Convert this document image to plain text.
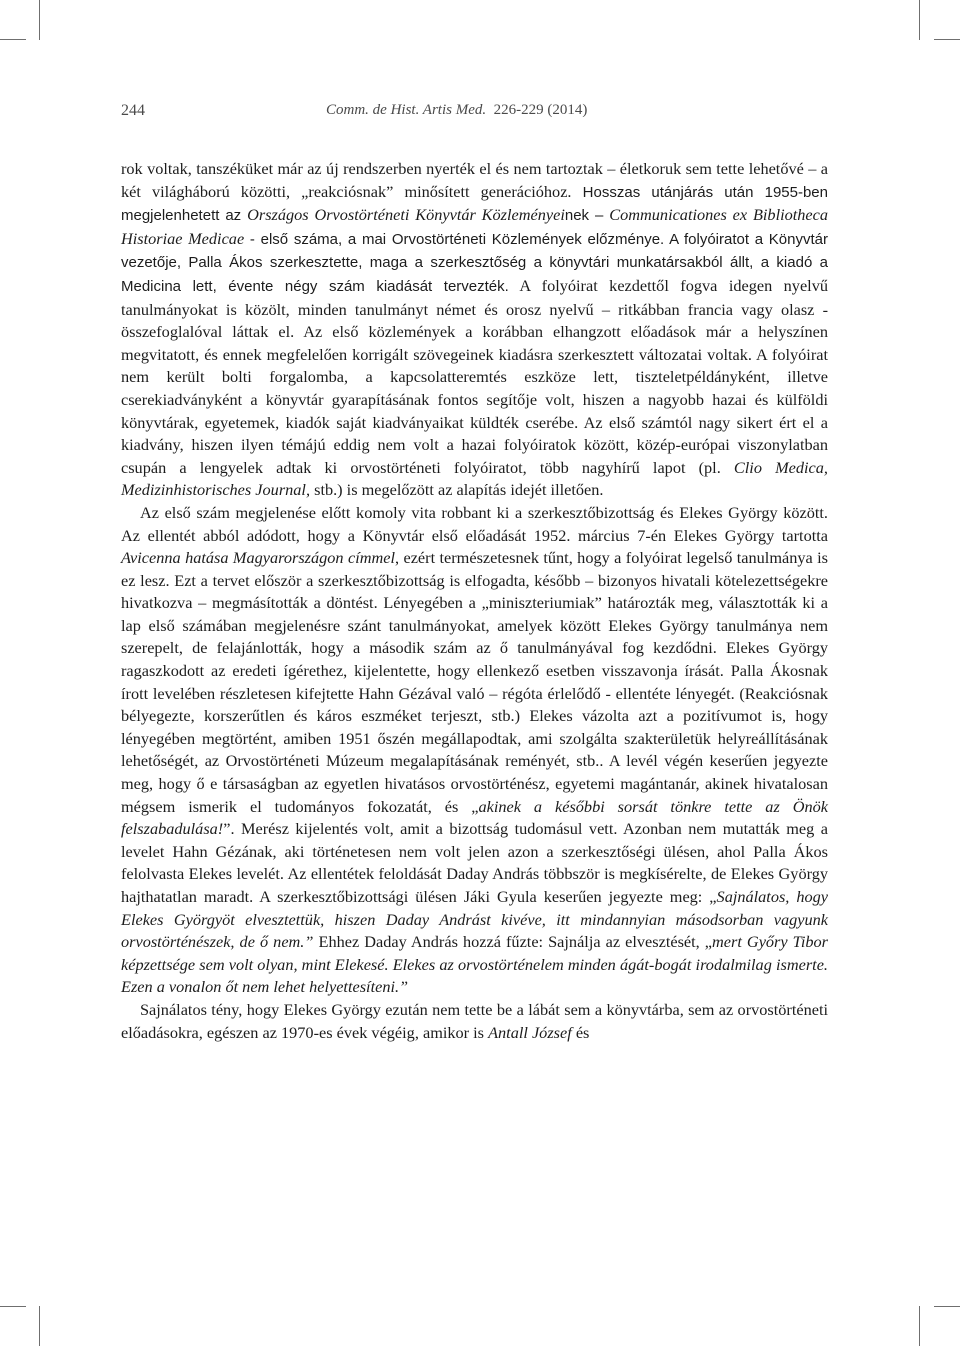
244	Comm. de Hist. Artis Med. 226-229 (2014)

rok voltak, tanszéküket már az új rendszerben nyerték el és nem tartoztak – életkoruk sem tette lehetővé – a két világháború közötti, „reakciósnak” minősített generációhoz. Hosszas utánjárás után 1955-ben megjelenhetett az Országos Orvostörténeti Könyvtár Közleményeinek – Communicationes ex Bibliotheca Historiae Medicae - első száma, a mai Orvostörténeti Közlemények előzménye. A folyóiratot a Könyvtár vezetője, Palla Ákos szerkesztette, maga a szerkesztőség a könyvtári munkatársakból állt, a kiadó a Medicina lett, évente négy szám kiadását tervezték. A folyóirat kezdettől fogva idegen nyelvű tanulmányokat is közölt, minden tanulmányt német és orosz nyelvű – ritkábban francia vagy olasz - összefoglalóval láttak el. Az első közlemények a korábban elhangzott előadások már a helyszínen megvitatott, és ennek megfelelően korrigált szövegeinek kiadásra szerkesztett változatai voltak. A folyóirat nem került bolti forgalomba, a kapcsolatteremtés eszköze lett, tiszteletpéldányként, illetve cserekiadványként a könyvtár gyarapításának fontos segítője volt, hiszen a nagyobb hazai és külföldi könyvtárak, egyetemek, kiadók saját kiadványaikat küldték cserébe. Az első számtól nagy sikert ért el a kiadvány, hiszen ilyen témájú eddig nem volt a hazai folyóiratok között, közép-európai viszonylatban csupán a lengyelek adtak ki orvostörténeti folyóiratot, több nagyhírű lapot (pl. Clio Medica, Medizinhistorisches Journal, stb.) is megelőzött az alapítás idejét illetően.

Az első szám megjelenése előtt komoly vita robbant ki a szerkesztőbizottság és Elekes György között. Az ellentét abból adódott, hogy a Könyvtár első előadását 1952. március 7-én Elekes György tartotta Avicenna hatása Magyarországon címmel, ezért természetesnek tűnt, hogy a folyóirat legelső tanulmánya is ez lesz. Ezt a tervet először a szerkesztőbizottság is elfogadta, később – bizonyos hivatali kötelezettségekre hivatkozva – megmásították a döntést. Lényegében a „miniszteriumiak” határozták meg, választották ki a lap első számában megjelenésre szánt tanulmányokat, amelyek között Elekes György tanulmánya nem szerepelt, de felajánlották, hogy a második szám az ő tanulmányával fog kezdődni. Elekes György ragaszkodott az eredeti ígérethez, kijelentette, hogy ellenkező esetben visszavonja írását. Palla Ákosnak írott levelében részletesen kifejtette Hahn Gézával való – régóta érlelődő - ellentéte lényegét. (Reakciósnak bélyegezte, korszerűtlen és káros eszméket terjeszt, stb.) Elekes vázolta azt a pozitívumot is, hogy lényegében megtörtént, amiben 1951 őszén megállapodtak, ami szolgálta szakterületük helyreállításának lehetőségét, az Orvostörténeti Múzeum megalapításának reményét, stb.. A levél végén keserűen jegyezte meg, hogy ő e társaságban az egyetlen hivatásos orvostörténész, egyetemi magántanár, akinek hivatalosan mégsem ismerik el tudományos fokozatát, és „akinek a későbbi sorsát tönkre tette az Önök felszabadulása!”. Merész kijelentés volt, amit a bizottság tudomásul vett. Azonban nem mutatták meg a levelet Hahn Gézának, aki történetesen nem volt jelen azon a szerkesztőségi ülésen, ahol Palla Ákos felolvasta Elekes levelét. Az ellentétek feloldását Daday András többször is megkísérelte, de Elekes György hajthatatlan maradt. A szerkesztőbizottsági ülésen Jáki Gyula keserűen jegyezte meg: „Sajnálatos, hogy Elekes Györgyöt elvesztettük, hiszen Daday Andrást kivéve, itt mindannyian másodsorban vagyunk orvostörténészek, de ő nem.” Ehhez Daday András hozzá fűzte: Sajnálja az elvesztését, „mert Győry Tibor képzettsége sem volt olyan, mint Elekesé. Elekes az orvostörténelem minden ágát-bogát irodalmilag ismerte. Ezen a vonalon őt nem lehet helyettesíteni.”

Sajnálatos tény, hogy Elekes György ezután nem tette be a lábát sem a könyvtárba, sem az orvostörténeti előadásokra, egészen az 1970-es évek végéig, amikor is Antall József és
